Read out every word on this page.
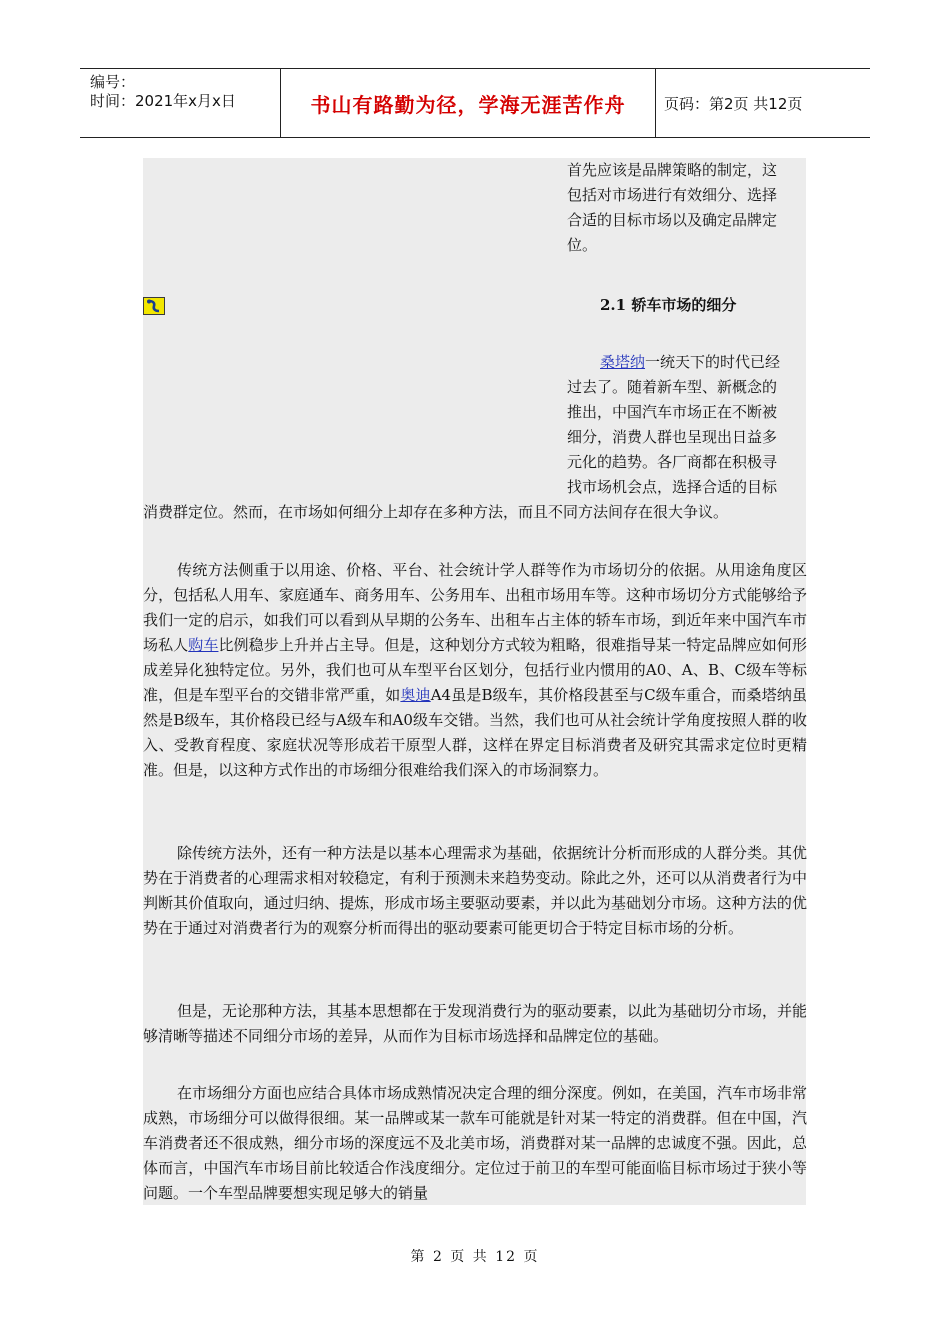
编号：
时间：2021年x月x日	书山有路勤为径，学海无涯苦作舟	页码：第2页 共12页
首先应该是品牌策略的制定，这
包括对市场进行有效细分、选择
合适的目标市场以及确定品牌定
位。
2.1 轿车市场的细分
桑塔纳一统天下的时代已经
过去了。随着新车型、新概念的
推出，中国汽车市场正在不断被
细分，消费人群也呈现出日益多
元化的趋势。各厂商都在积极寻
找市场机会点，选择合适的目标
消费群定位。然而，在市场如何细分上却存在多种方法，而且不同方法间存在很大争议。
传统方法侧重于以用途、价格、平台、社会统计学人群等作为市场切分的依据。从用途角度区分，包括私人用车、家庭通车、商务用车、公务用车、出租市场用车等。这种市场切分方式能够给予我们一定的启示，如我们可以看到从早期的公务车、出租车占主体的轿车市场，到近年来中国汽车市场私人购车比例稳步上升并占主导。但是，这种划分方式较为粗略，很难指导某一特定品牌应如何形成差异化独特定位。另外，我们也可从车型平台区划分，包括行业内惯用的A0、A、B、C级车等标准，但是车型平台的交错非常严重，如奥迪A4虽是B级车，其价格段甚至与C级车重合，而桑塔纳虽然是B级车，其价格段已经与A级车和A0级车交错。当然，我们也可从社会统计学角度按照人群的收入、受教育程度、家庭状况等形成若干原型人群，这样在界定目标消费者及研究其需求定位时更精准。但是，以这种方式作出的市场细分很难给我们深入的市场洞察力。
除传统方法外，还有一种方法是以基本心理需求为基础，依据统计分析而形成的人群分类。其优势在于消费者的心理需求相对较稳定，有利于预测未来趋势变动。除此之外，还可以从消费者行为中判断其价值取向，通过归纳、提炼，形成市场主要驱动要素，并以此为基础划分市场。这种方法的优势在于通过对消费者行为的观察分析而得出的驱动要素可能更切合于特定目标市场的分析。
但是，无论那种方法，其基本思想都在于发现消费行为的驱动要素，以此为基础切分市场，并能够清晰等描述不同细分市场的差异，从而作为目标市场选择和品牌定位的基础。
在市场细分方面也应结合具体市场成熟情况决定合理的细分深度。例如，在美国，汽车市场非常成熟，市场细分可以做得很细。某一品牌或某一款车可能就是针对某一特定的消费群。但在中国，汽车消费者还不很成熟，细分市场的深度远不及北美市场，消费群对某一品牌的忠诚度不强。因此，总体而言，中国汽车市场目前比较适合作浅度细分。定位过于前卫的车型可能面临目标市场过于狭小等问题。一个车型品牌要想实现足够大的销量
第 2 页 共 12 页
